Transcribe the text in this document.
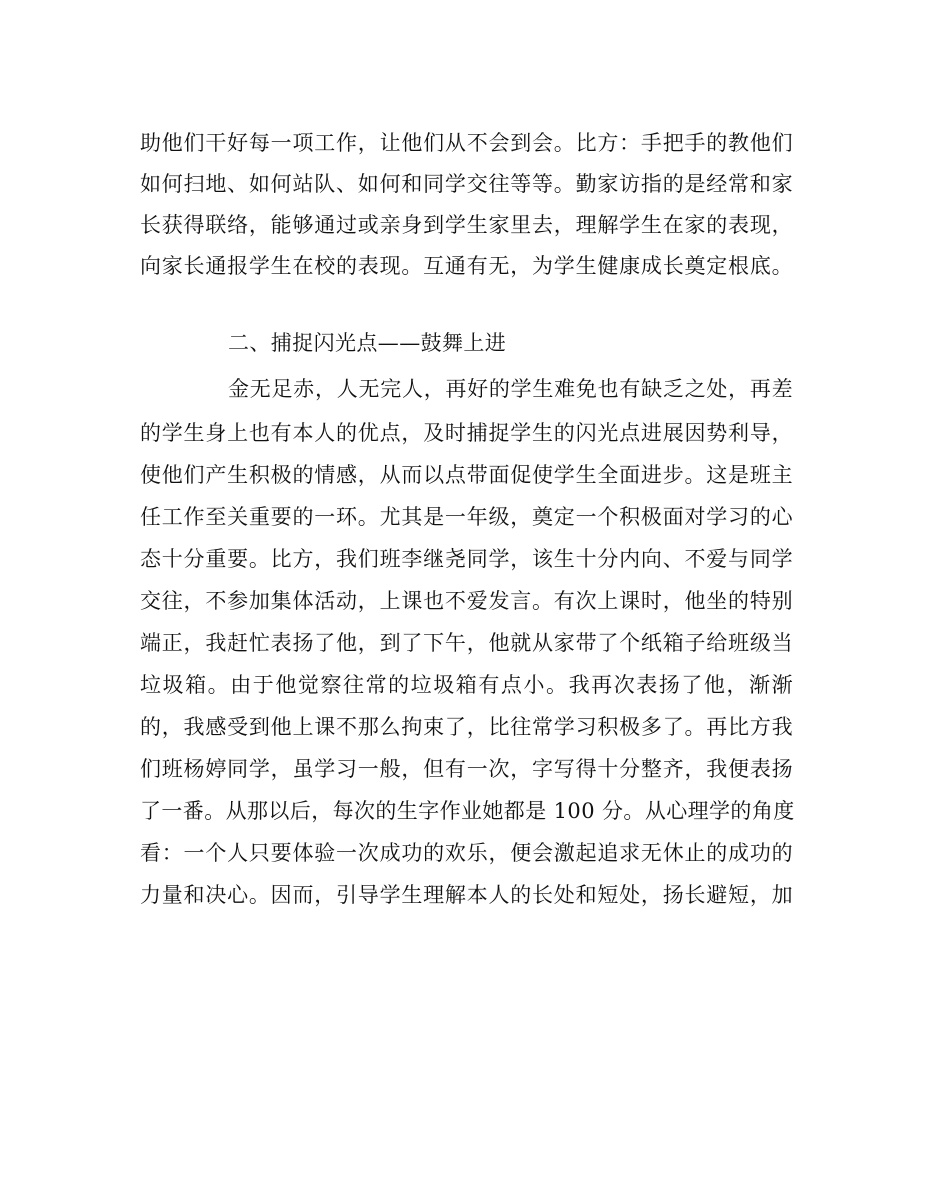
助他们干好每一项工作，让他们从不会到会。比方：手把手的教他们
如何扫地、如何站队、如何和同学交往等等。勤家访指的是经常和家
长获得联络，能够通过或亲身到学生家里去，理解学生在家的表现，
向家长通报学生在校的表现。互通有无，为学生健康成长奠定根底。
二、捕捉闪光点——鼓舞上进
金无足赤，人无完人，再好的学生难免也有缺乏之处，再差
的学生身上也有本人的优点，及时捕捉学生的闪光点进展因势利导，
使他们产生积极的情感，从而以点带面促使学生全面进步。这是班主
任工作至关重要的一环。尤其是一年级，奠定一个积极面对学习的心
态十分重要。比方，我们班李继尧同学，该生十分内向、不爱与同学
交往，不参加集体活动，上课也不爱发言。有次上课时，他坐的特别
端正，我赶忙表扬了他，到了下午，他就从家带了个纸箱子给班级当
垃圾箱。由于他觉察往常的垃圾箱有点小。我再次表扬了他，渐渐
的，我感受到他上课不那么拘束了，比往常学习积极多了。再比方我
们班杨婷同学，虽学习一般，但有一次，字写得十分整齐，我便表扬
了一番。从那以后，每次的生字作业她都是 100 分。从心理学的角度
看：一个人只要体验一次成功的欢乐，便会激起追求无休止的成功的
力量和决心。因而，引导学生理解本人的长处和短处，扬长避短，加
